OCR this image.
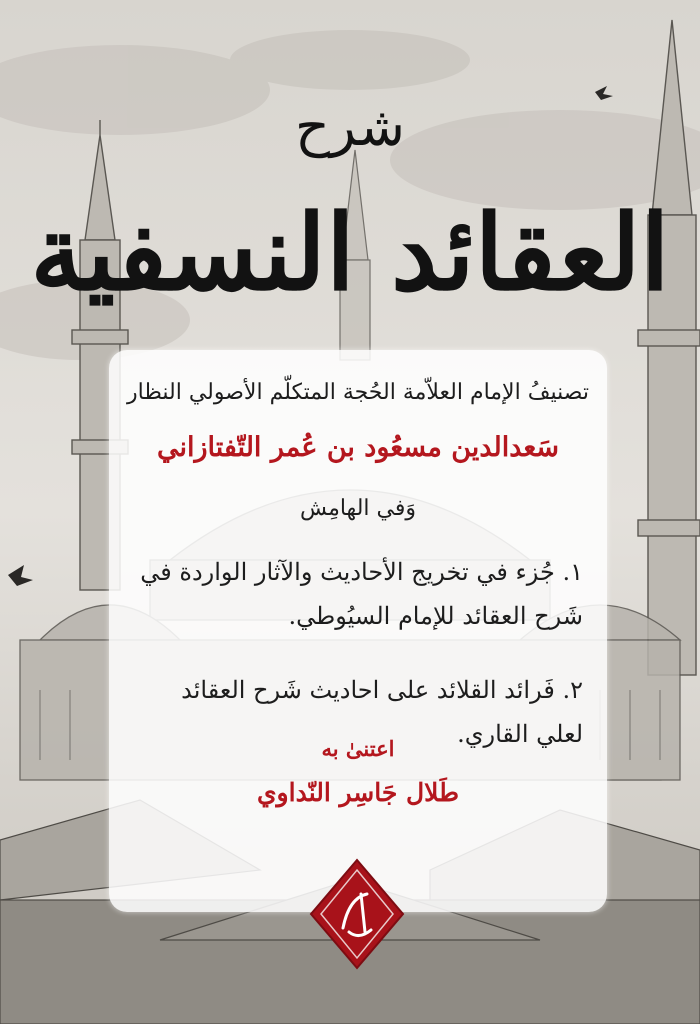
شرح
العقائد النسفية
تصنيفُ الإمام العلاّمة الحُجة المتكلّم الأصولي النظار
سَعدالدين مسعُود بن عُمر التّفتازاني
وَفي الهامِش
١. جُزء في تخريج الأحاديث والآثار الواردة في شَرح العقائد للإمام السيُوطي.
٢. فَرائد القلائد على احاديث شَرح العقائد لعلي القاري.
اعتنىٰ به
طَلال جَاسِر النّداوي
